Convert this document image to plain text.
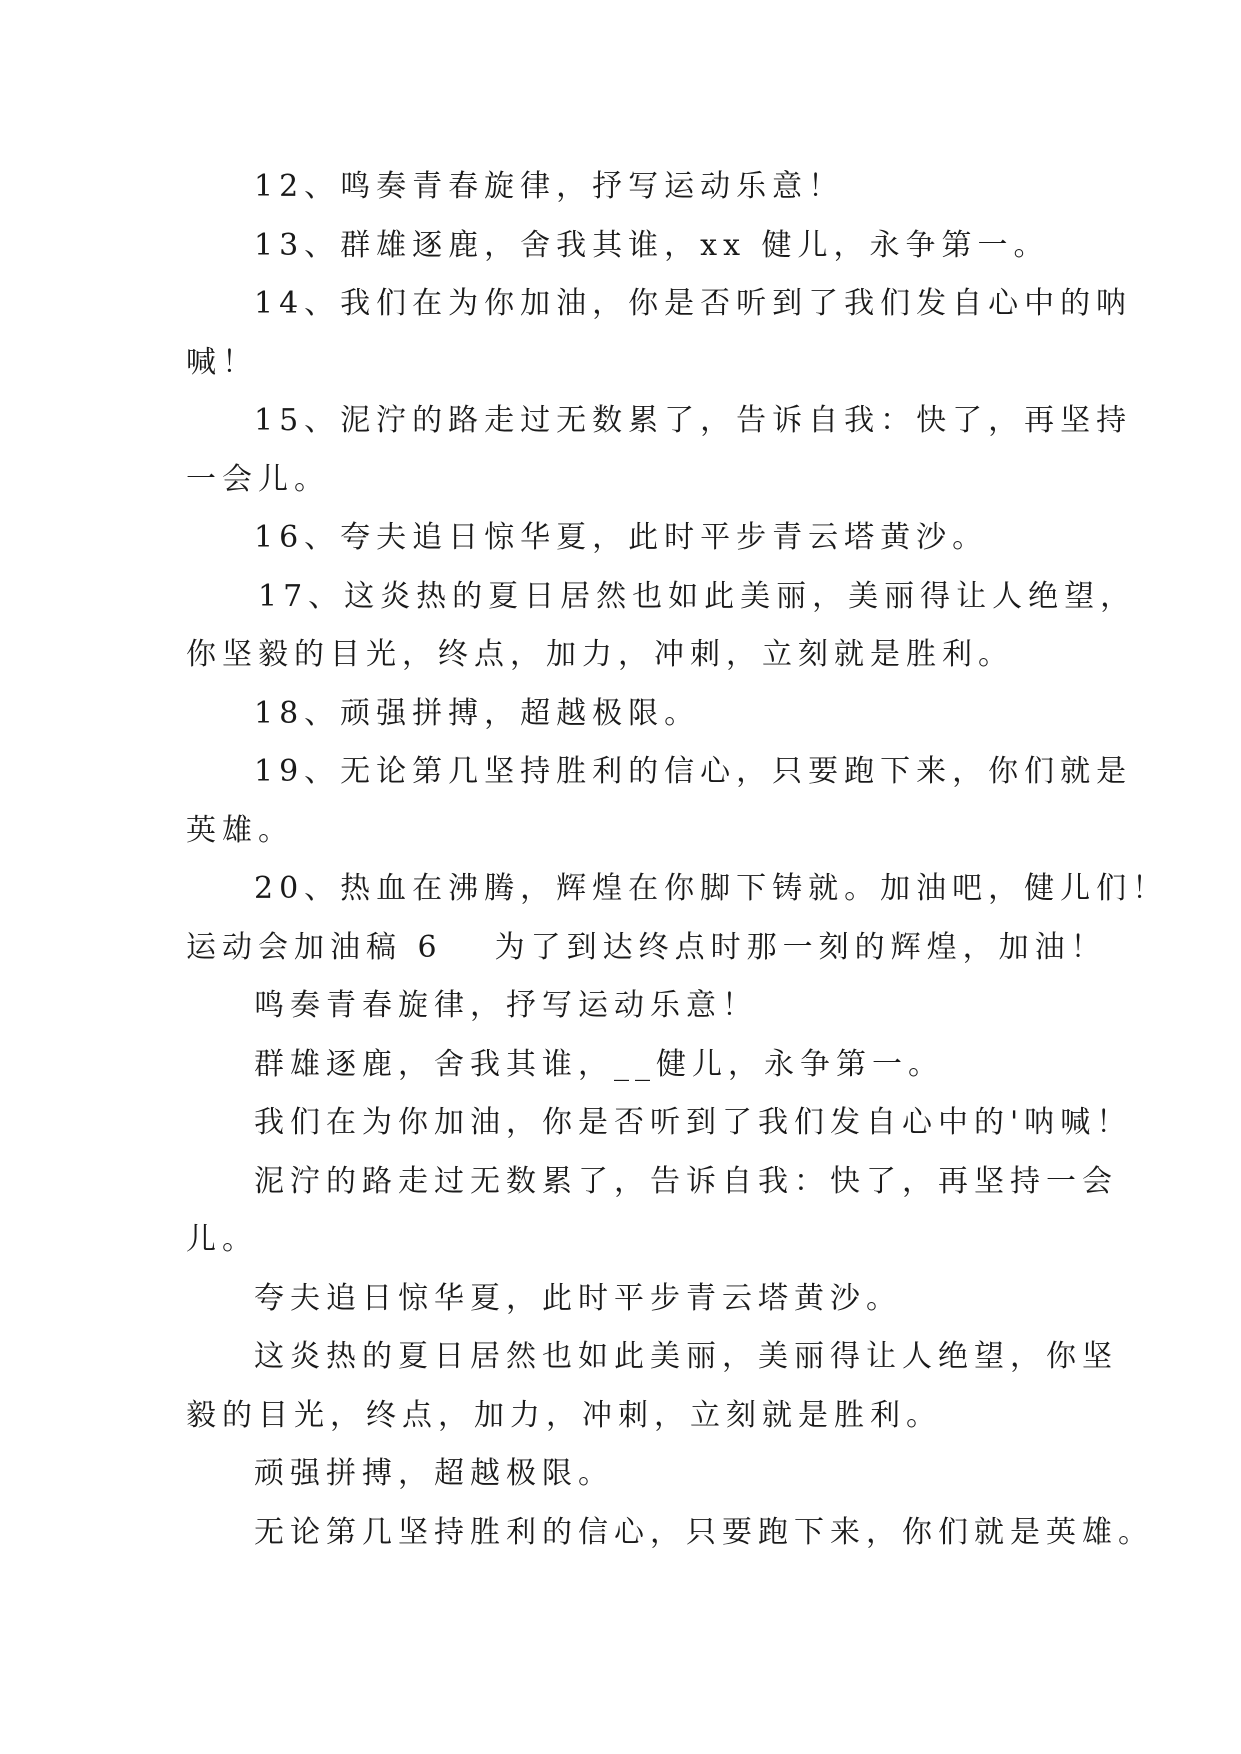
12、鸣奏青春旋律，抒写运动乐意！
13、群雄逐鹿，舍我其谁，xx 健儿，永争第一。
14、我们在为你加油，你是否听到了我们发自心中的呐
喊！
15、泥泞的路走过无数累了，告诉自我：快了，再坚持
一会儿。
16、夸夫追日惊华夏，此时平步青云塔黄沙。
17、这炎热的夏日居然也如此美丽，美丽得让人绝望，
你坚毅的目光，终点，加力，冲刺，立刻就是胜利。
18、顽强拼搏，超越极限。
19、无论第几坚持胜利的信心，只要跑下来，你们就是
英雄。
20、热血在沸腾，辉煌在你脚下铸就。加油吧，健儿们！
运动会加油稿 6 为了到达终点时那一刻的辉煌，加油！
鸣奏青春旋律，抒写运动乐意！
群雄逐鹿，舍我其谁，__健儿，永争第一。
我们在为你加油，你是否听到了我们发自心中的'呐喊！
泥泞的路走过无数累了，告诉自我：快了，再坚持一会
儿。
夸夫追日惊华夏，此时平步青云塔黄沙。
这炎热的夏日居然也如此美丽，美丽得让人绝望，你坚
毅的目光，终点，加力，冲刺，立刻就是胜利。
顽强拼搏，超越极限。
无论第几坚持胜利的信心，只要跑下来，你们就是英雄。
